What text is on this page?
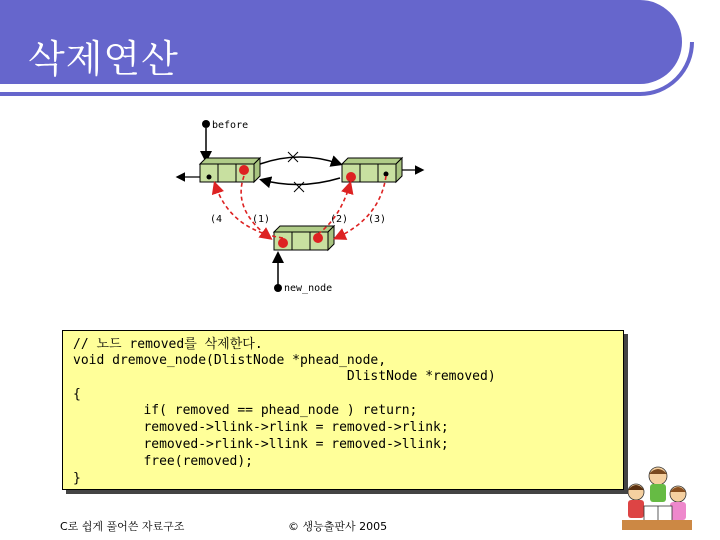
삭제연산
before
(4	(1)	(2) (3)
new_node
// 노드 removed를 삭제한다.
void dremove_node(DlistNode *phead_node,
DlistNode *removed)
{
if( removed == phead_node ) return;
removed->llink->rlink = removed->rlink;
removed->rlink->llink = removed->llink;
free(removed);
}
C로 쉽게 풀어쓴 자료구조	© 생능출판사 2005
